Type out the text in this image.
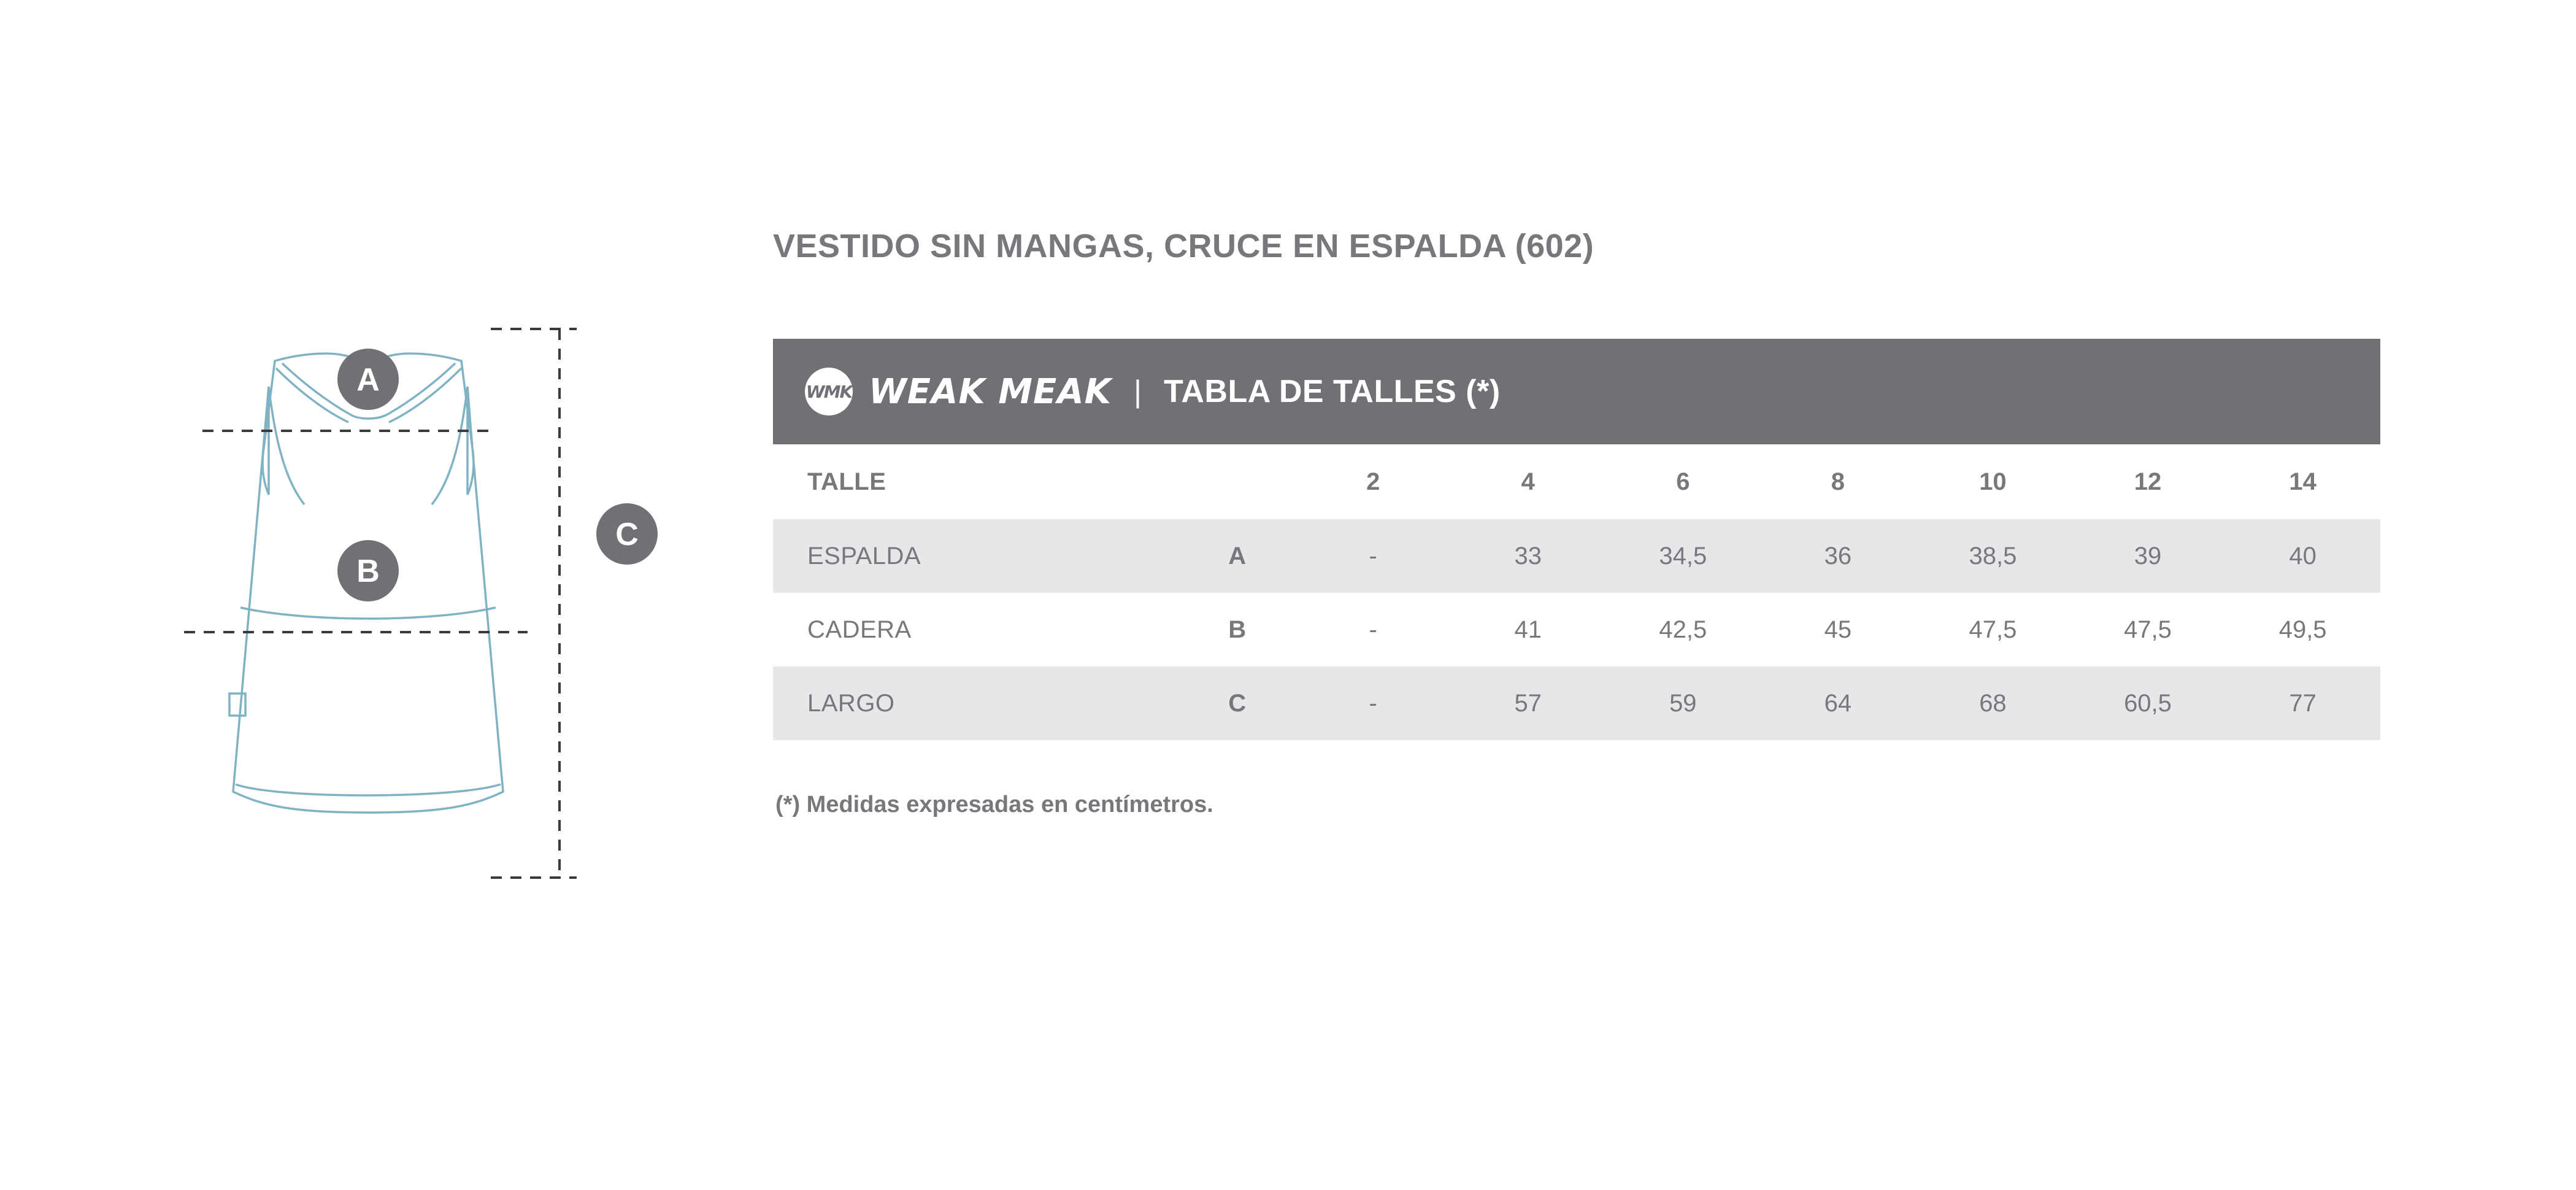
A
B
C
VESTIDO SIN MANGAS, CRUCE EN ESPALDA (602)
WMK WEAK MEAK | TABLA DE TALLES (*)								

TALLE		2	4	6	8	10	12	14
ESPALDA	A	-	33	34,5	36	38,5	39	40
CADERA	B	-	41	42,5	45	47,5	47,5	49,5
LARGO	C	-	57	59	64	68	60,5	77
(*) Medidas expresadas en centímetros.
